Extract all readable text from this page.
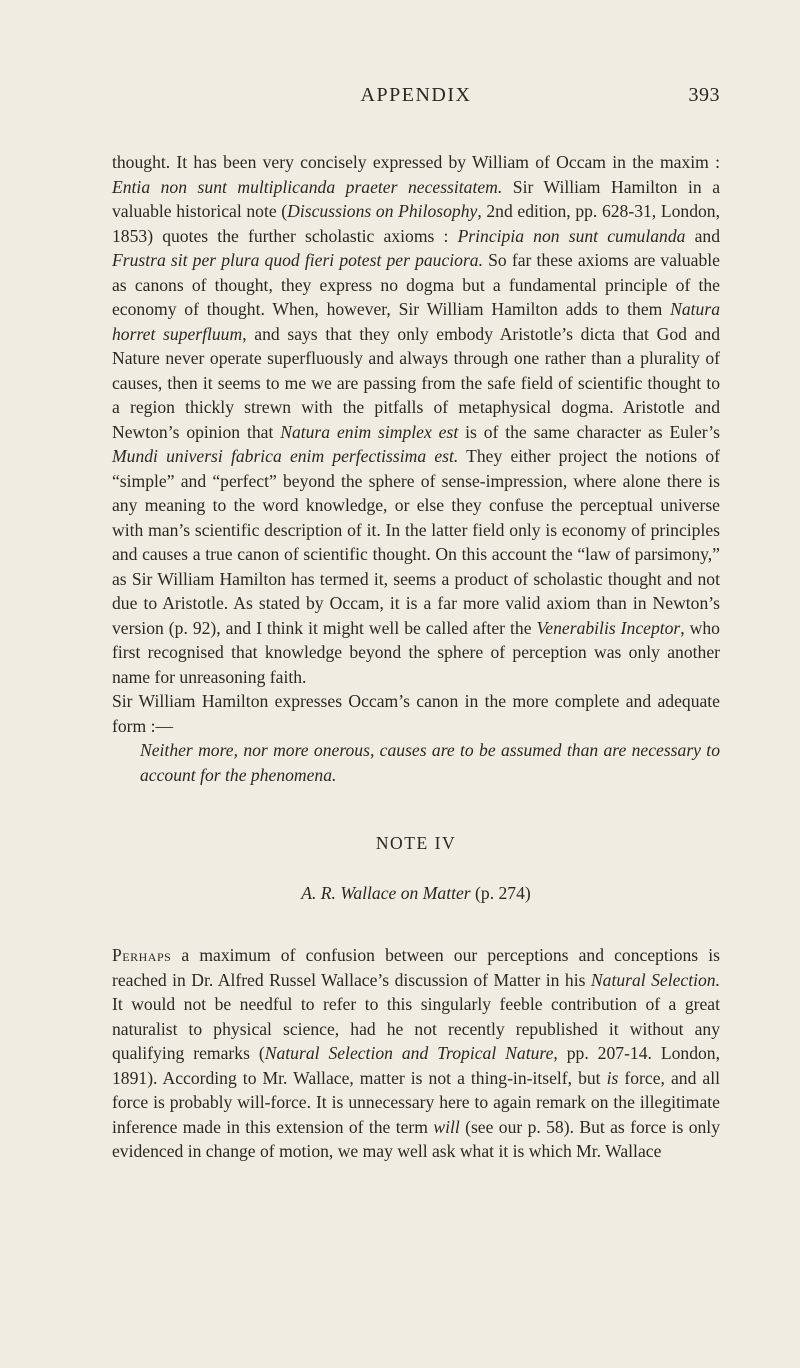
APPENDIX	393

thought. It has been very concisely expressed by William of Occam in the maxim : Entia non sunt multiplicanda praeter necessitatem. Sir William Hamilton in a valuable historical note (Discussions on Philosophy, 2nd edition, pp. 628-31, London, 1853) quotes the further scholastic axioms : Principia non sunt cumulanda and Frustra sit per plura quod fieri potest per pauciora. So far these axioms are valuable as canons of thought, they express no dogma but a fundamental principle of the economy of thought. When, however, Sir William Hamilton adds to them Natura horret superfluum, and says that they only embody Aristotle’s dicta that God and Nature never operate superfluously and always through one rather than a plurality of causes, then it seems to me we are passing from the safe field of scientific thought to a region thickly strewn with the pitfalls of metaphysical dogma. Aristotle and Newton’s opinion that Natura enim simplex est is of the same character as Euler’s Mundi universi fabrica enim perfectissima est. They either project the notions of “simple” and “perfect” beyond the sphere of sense-impression, where alone there is any meaning to the word knowledge, or else they confuse the perceptual universe with man’s scientific description of it. In the latter field only is economy of principles and causes a true canon of scientific thought. On this account the “law of parsimony,” as Sir William Hamilton has termed it, seems a product of scholastic thought and not due to Aristotle. As stated by Occam, it is a far more valid axiom than in Newton’s version (p. 92), and I think it might well be called after the Venerabilis Inceptor, who first recognised that knowledge beyond the sphere of perception was only another name for unreasoning faith.

Sir William Hamilton expresses Occam’s canon in the more complete and adequate form :—

Neither more, nor more onerous, causes are to be assumed than are necessary to account for the phenomena.

NOTE IV

A. R. Wallace on Matter (p. 274)

Perhaps a maximum of confusion between our perceptions and conceptions is reached in Dr. Alfred Russel Wallace’s discussion of Matter in his Natural Selection. It would not be needful to refer to this singularly feeble contribution of a great naturalist to physical science, had he not recently republished it without any qualifying remarks (Natural Selection and Tropical Nature, pp. 207-14. London, 1891). According to Mr. Wallace, matter is not a thing-in-itself, but is force, and all force is probably will-force. It is unnecessary here to again remark on the illegitimate inference made in this extension of the term will (see our p. 58). But as force is only evidenced in change of motion, we may well ask what it is which Mr. Wallace
